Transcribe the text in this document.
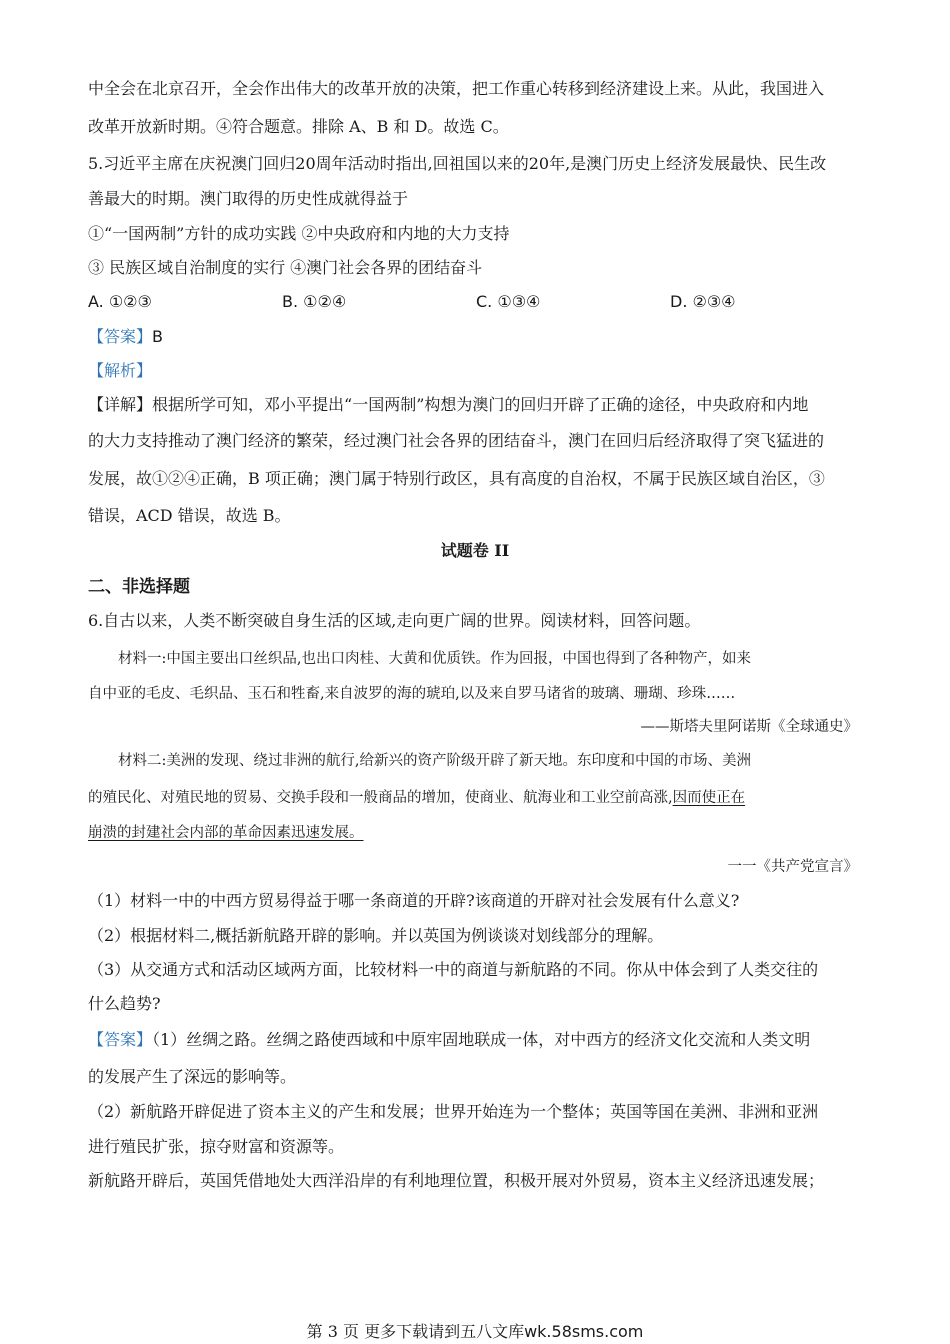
中全会在北京召开，全会作出伟大的改革开放的决策，把工作重心转移到经济建设上来。从此，我国进入
改革开放新时期。④符合题意。排除 A、B 和 D。故选 C。
5.习近平主席在庆祝澳门回归20周年活动时指出,回祖国以来的20年,是澳门历史上经济发展最快、民生改
善最大的时期。澳门取得的历史性成就得益于
①“一国两制”方针的成功实践 ②中央政府和内地的大力支持
③ 民族区域自治制度的实行 ④澳门社会各界的团结奋斗
A. ①②③	B. ①②④	C. ①③④	D. ②③④
【答案】B
【解析】
【详解】根据所学可知，邓小平提出“一国两制”构想为澳门的回归开辟了正确的途径，中央政府和内地
的大力支持推动了澳门经济的繁荣，经过澳门社会各界的团结奋斗，澳门在回归后经济取得了突飞猛进的
发展，故①②④正确，B 项正确；澳门属于特别行政区，具有高度的自治权，不属于民族区域自治区，③
错误，ACD 错误，故选 B。
试题卷 II
二、非选择题
6.自古以来，人类不断突破自身生活的区域,走向更广阔的世界。阅读材料，回答问题。
材料一:中国主要出口丝织品,也出口肉桂、大黄和优质铁。作为回报，中国也得到了各种物产，如来
自中亚的毛皮、毛织品、玉石和牲畜,来自波罗的海的琥珀,以及来自罗马诸省的玻璃、珊瑚、珍珠……
——斯塔夫里阿诺斯《全球通史》
材料二:美洲的发现、绕过非洲的航行,给新兴的资产阶级开辟了新天地。东印度和中国的市场、美洲
的殖民化、对殖民地的贸易、交换手段和一般商品的增加，使商业、航海业和工业空前高涨,因而使正在
崩溃的封建社会内部的革命因素迅速发展。
一一《共产党宣言》
（1）材料一中的中西方贸易得益于哪一条商道的开辟?该商道的开辟对社会发展有什么意义?
（2）根据材料二,概括新航路开辟的影响。并以英国为例谈谈对划线部分的理解。
（3）从交通方式和活动区域两方面，比较材料一中的商道与新航路的不同。你从中体会到了人类交往的
什么趋势?
【答案】（1）丝绸之路。丝绸之路使西域和中原牢固地联成一体，对中西方的经济文化交流和人类文明
的发展产生了深远的影响等。
（2）新航路开辟促进了资本主义的产生和发展；世界开始连为一个整体；英国等国在美洲、非洲和亚洲
进行殖民扩张，掠夺财富和资源等。
新航路开辟后，英国凭借地处大西洋沿岸的有利地理位置，积极开展对外贸易，资本主义经济迅速发展；
第 3 页 更多下载请到五八文库wk.58sms.com
